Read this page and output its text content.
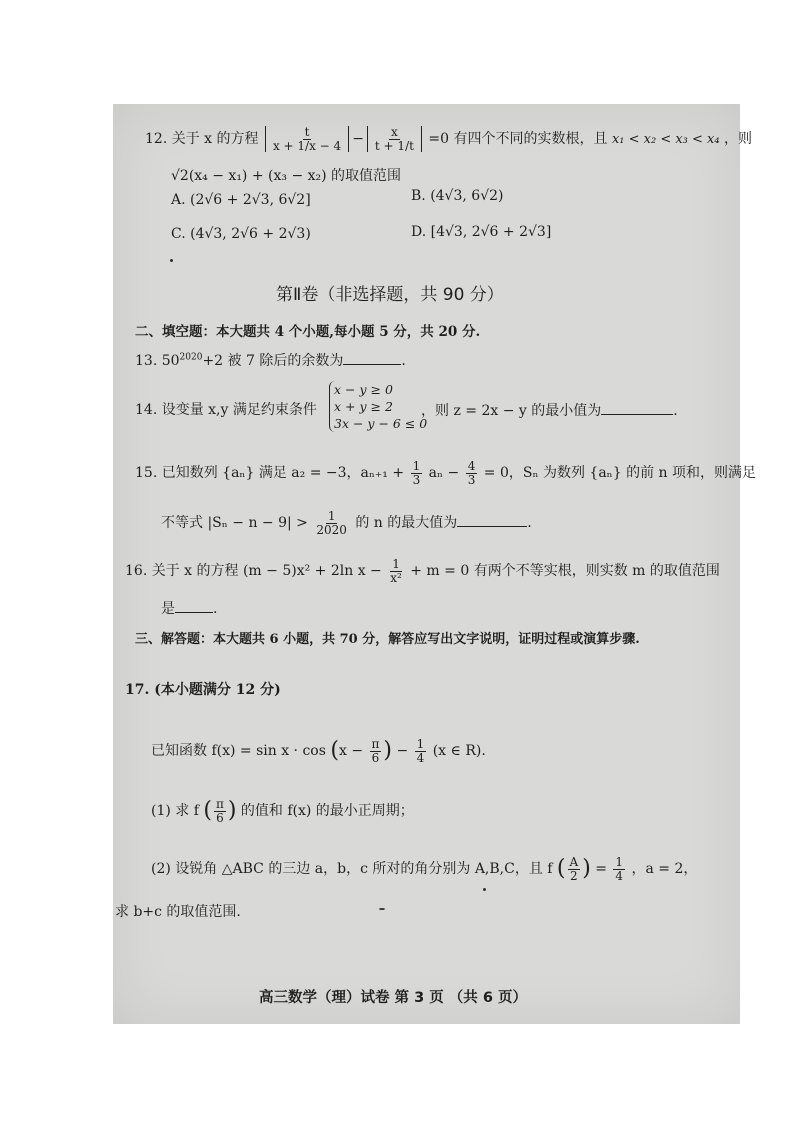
12. 关于 x 的方程 $\frac{t}{x + 1/x - 4} - \frac{x}{t + 1/t} =0$ 有四个不同的实数根，且 x₁ < x₂ < x₃ < x₄ ，则
√2(x₄ − x₁) + (x₃ − x₂) 的取值范围
A. (2√6 + 2√3, 6√2]	B. (4√3, 6√2)
C. (4√3, 2√6 + 2√3)	D. [4√3, 2√6 + 2√3]
第Ⅱ卷（非选择题，共 90 分）
二、填空题：本大题共 4 个小题,每小题 5 分，共 20 分.
13. $50^{2020}+2$ 被 7 除后的余数为	.
14. 设变量 x,y 满足约束条件
x − y ≥ 0
x + y ≥ 2
3x − y − 6 ≤ 0
，则 z = 2x − y 的最小值为	.
15. 已知数列 {aₙ} 满足 a₂ = −3，$a_{n+1} + \frac{1}{3}$ $a_n - \frac{4}{3} = 0$，Sₙ 为数列 {aₙ} 的前 n 项和，则满足
不等式 $|S_n - n - 9| > \frac{1}{2020}$ 的 n 的最大值为	.
16. 关于 x 的方程 (m − 5)x² + 2ln $x - \frac{1}{\text{x²}} + m = 0$ 有两个不等实根，则实数 m 的取值范围
是	.
三、解答题：本大题共 6 小题，共 70 分，解答应写出文字说明，证明过程或演算步骤.
17. (本小题满分 12 分)
已知函数 $f(x) = \sin x \cdot \cos (x - \frac{\pi}{6}$ ) − $\frac{1}{4} (x$ ∈ R).
(1) 求 f ( $\frac{\pi}{6}$ ) 的值和 f(x) 的最小正周期；
(2) 设锐角 △ABC 的三边 a，b，c 所对的角分别为 A,B,C，且 f ( $\frac{A}{2}$ ) = $\frac{1}{4}$ ，a = 2，
求 b+c 的取值范围.
高三数学（理）试卷 第 3 页 （共 6 页）
